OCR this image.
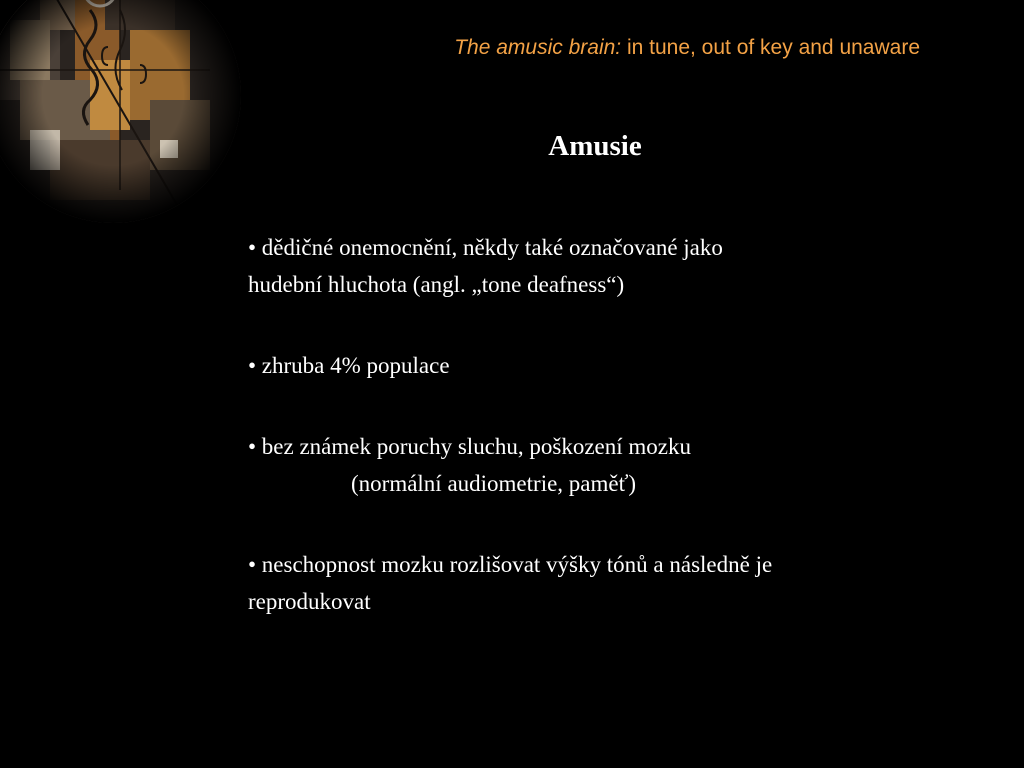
The amusic brain: in tune, out of key and unaware
Amusie

• dědičné onemocnění, někdy také označované jako
hudební hluchota (angl. „tone deafness“)

• zhruba 4% populace

• bez známek poruchy sluchu, poškození mozku
(normální audiometrie, paměť)

• neschopnost mozku rozlišovat výšky tónů a následně je
reprodukovat
